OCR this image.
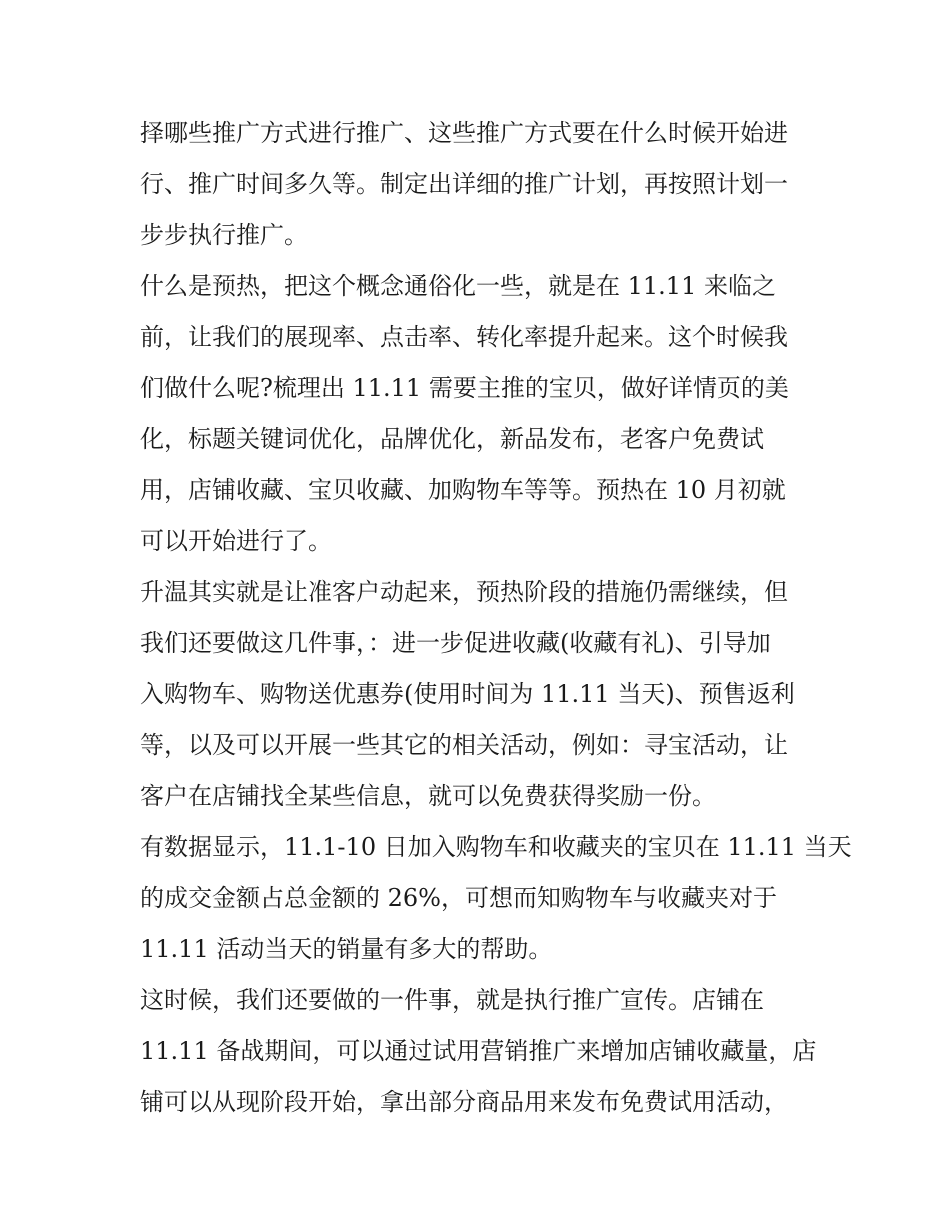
择哪些推广方式进行推广、这些推广方式要在什么时候开始进
行、推广时间多久等。制定出详细的推广计划，再按照计划一
步步执行推广。
什么是预热，把这个概念通俗化一些，就是在 11.11 来临之
前，让我们的展现率、点击率、转化率提升起来。这个时候我
们做什么呢?梳理出 11.11 需要主推的宝贝，做好详情页的美
化，标题关键词优化，品牌优化，新品发布，老客户免费试
用，店铺收藏、宝贝收藏、加购物车等等。预热在 10 月初就
可以开始进行了。
升温其实就是让准客户动起来，预热阶段的措施仍需继续，但
我们还要做这几件事，：进一步促进收藏(收藏有礼)、引导加
入购物车、购物送优惠券(使用时间为 11.11 当天)、预售返利
等，以及可以开展一些其它的相关活动，例如：寻宝活动，让
客户在店铺找全某些信息，就可以免费获得奖励一份。
有数据显示，11.1-10 日加入购物车和收藏夹的宝贝在 11.11 当天
的成交金额占总金额的 26%，可想而知购物车与收藏夹对于
11.11 活动当天的销量有多大的帮助。
这时候，我们还要做的一件事，就是执行推广宣传。店铺在
11.11 备战期间，可以通过试用营销推广来增加店铺收藏量，店
铺可以从现阶段开始，拿出部分商品用来发布免费试用活动，
